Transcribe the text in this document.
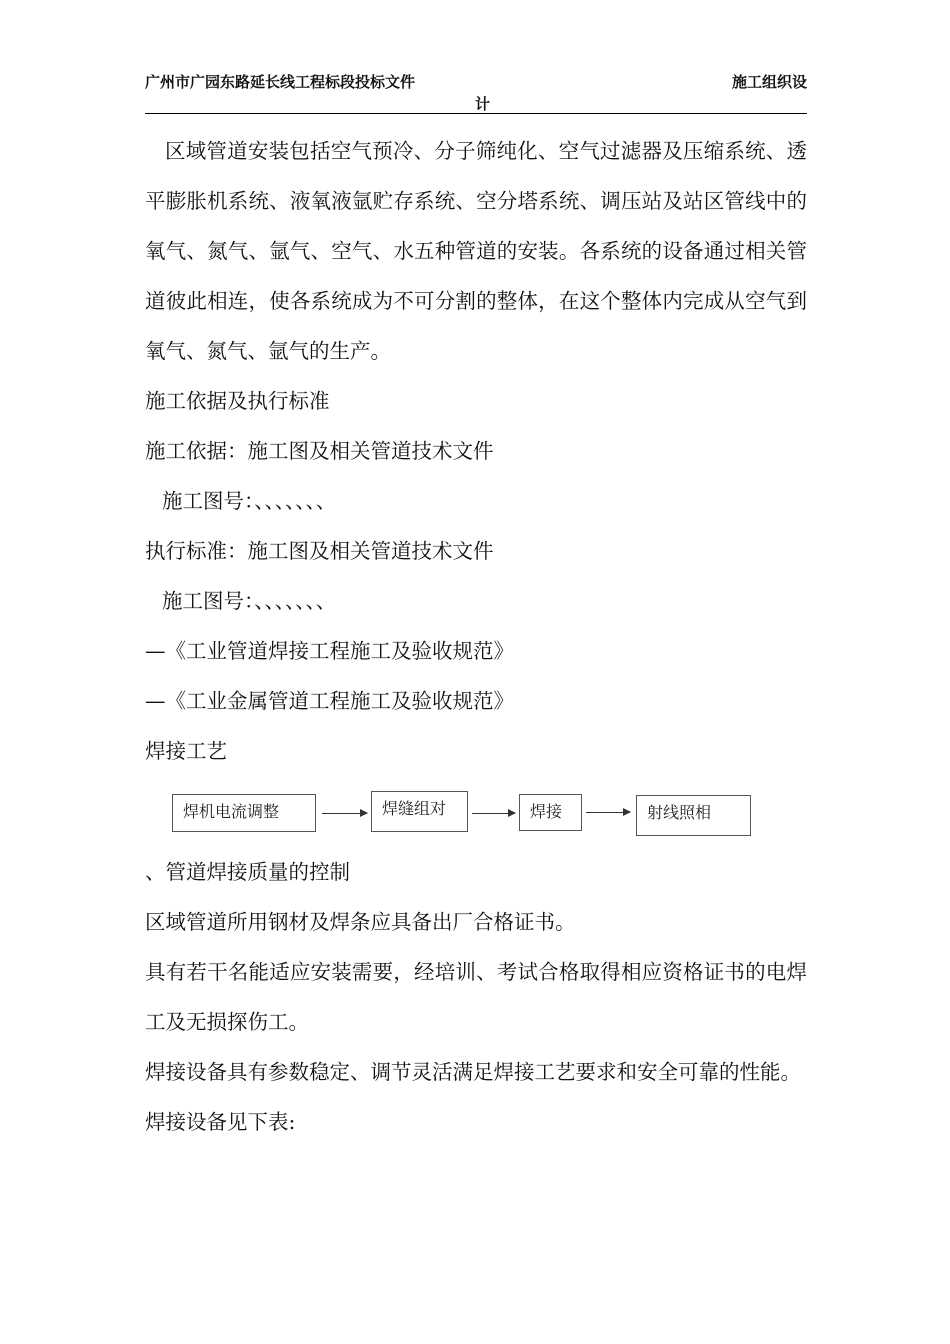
广州市广园东路延长线工程标段投标文件	施工组织设
计

区域管道安装包括空气预冷、分子筛纯化、空气过滤器及压缩系统、透平膨胀机系统、液氧液氩贮存系统、空分塔系统、调压站及站区管线中的氧气、氮气、氩气、空气、水五种管道的安装。各系统的设备通过相关管道彼此相连，使各系统成为不可分割的整体，在这个整体内完成从空气到氧气、氮气、氩气的生产。

施工依据及执行标准

施工依据：施工图及相关管道技术文件

施工图号：、、、、、、、

执行标准：施工图及相关管道技术文件

施工图号：、、、、、、、

—《工业管道焊接工程施工及验收规范》

—《工业金属管道工程施工及验收规范》

焊接工艺

焊机电流调整	焊缝组对	焊接	射线照相

、管道焊接质量的控制

区域管道所用钢材及焊条应具备出厂合格证书。

具有若干名能适应安装需要，经培训、考试合格取得相应资格证书的电焊工及无损探伤工。

焊接设备具有参数稳定、调节灵活满足焊接工艺要求和安全可靠的性能。

焊接设备见下表:
